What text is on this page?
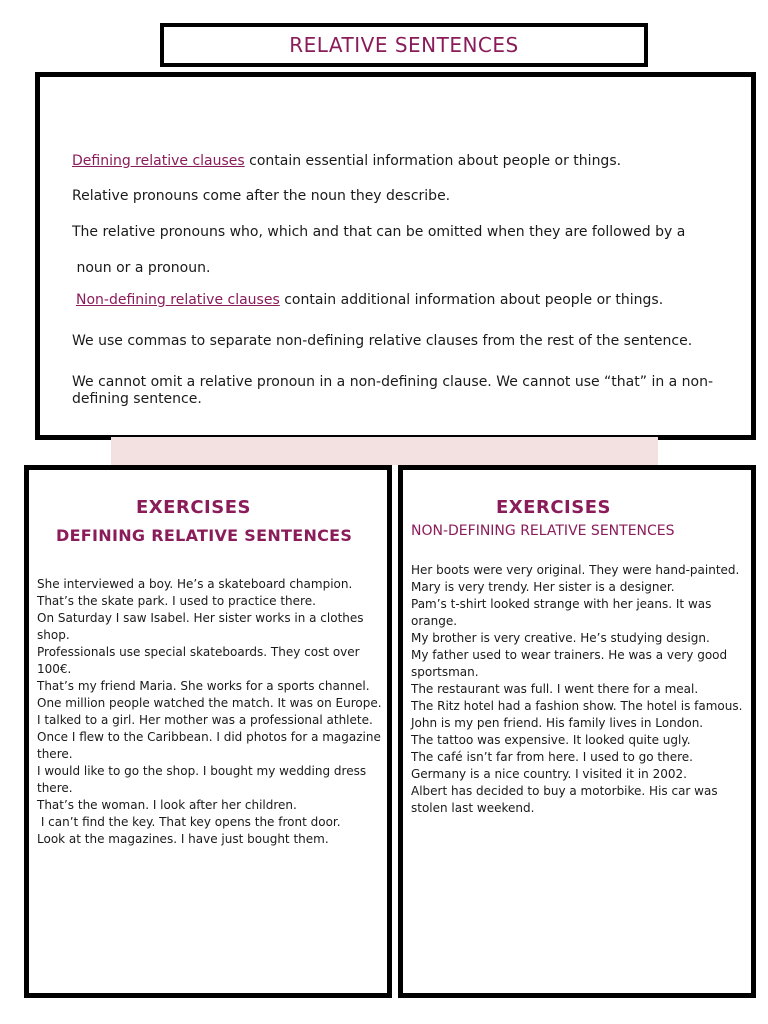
RELATIVE SENTENCES

Defining relative clauses contain essential information about people or things.

Relative pronouns come after the noun they describe.

The relative pronouns who, which and that can be omitted when they are followed by a

noun or a pronoun.

Non-defining relative clauses contain additional information about people or things.

We use commas to separate non-defining relative clauses from the rest of the sentence.

We cannot omit a relative pronoun in a non-defining clause. We cannot use “that” in a non-defining sentence.

EXERCISES
DEFINING RELATIVE SENTENCES
She interviewed a boy. He’s a skateboard champion.
That’s the skate park. I used to practice there.
On Saturday I saw Isabel. Her sister works in a clothes shop.
Professionals use special skateboards. They cost over 100€.
That’s my friend Maria. She works for a sports channel.
One million people watched the match. It was on Europe.
I talked to a girl. Her mother was a professional athlete.
Once I flew to the Caribbean. I did photos for a magazine there.
I would like to go the shop. I bought my wedding dress there.
That’s the woman. I look after her children.
I can’t find the key. That key opens the front door.
Look at the magazines. I have just bought them.
EXERCISES
NON-DEFINING RELATIVE SENTENCES
Her boots were very original. They were hand-painted.
Mary is very trendy. Her sister is a designer.
Pam’s t-shirt looked strange with her jeans. It was orange.
My brother is very creative. He’s studying design.
My father used to wear trainers. He was a very good sportsman.
The restaurant was full. I went there for a meal.
The Ritz hotel had a fashion show. The hotel is famous.
John is my pen friend. His family lives in London.
The tattoo was expensive. It looked quite ugly.
The café isn’t far from here. I used to go there.
Germany is a nice country. I visited it in 2002.
Albert has decided to buy a motorbike. His car was stolen last weekend.
